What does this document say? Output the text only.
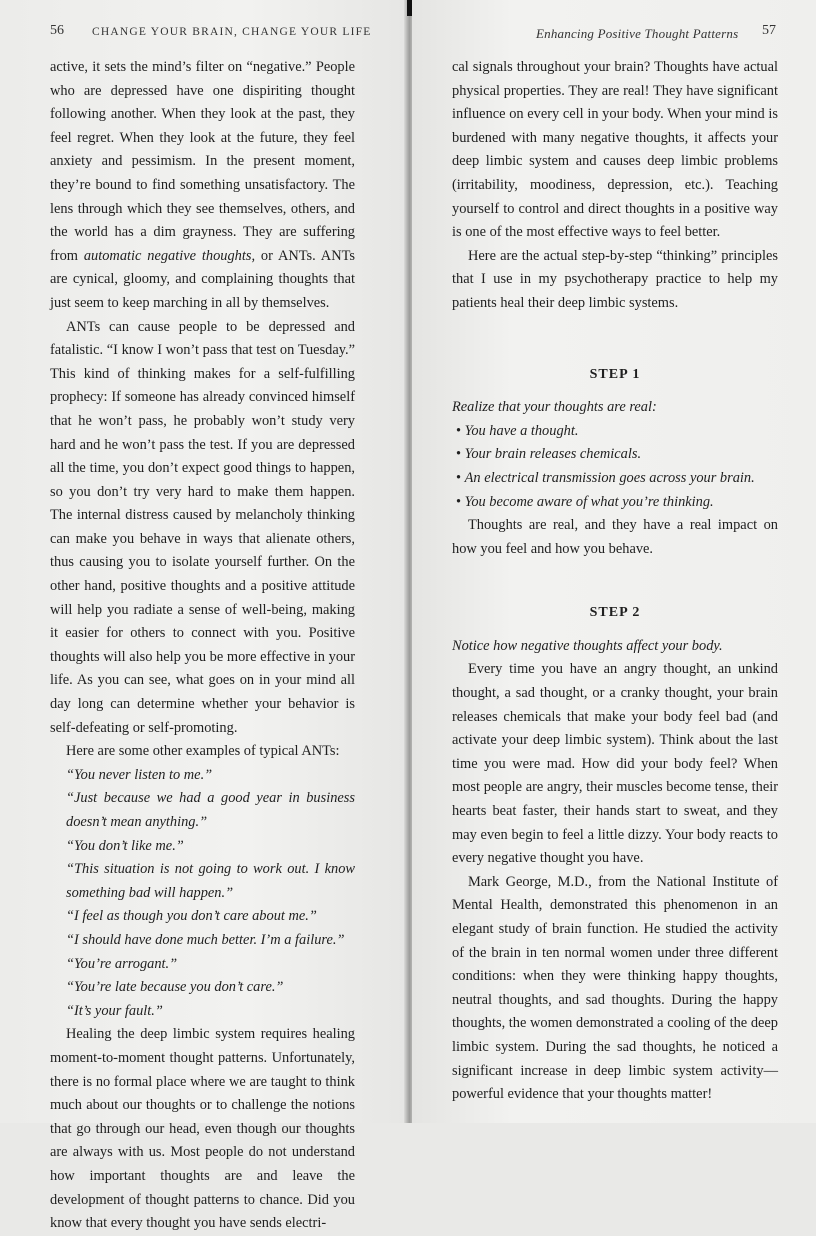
56 CHANGE YOUR BRAIN, CHANGE YOUR LIFE

active, it sets the mind’s filter on “negative.” People who are depressed have one dispiriting thought following another. When they look at the past, they feel regret. When they look at the future, they feel anxiety and pessimism. In the present moment, they’re bound to find something unsatisfactory. The lens through which they see themselves, others, and the world has a dim grayness. They are suffering from automatic negative thoughts, or ANTs. ANTs are cynical, gloomy, and complaining thoughts that just seem to keep marching in all by themselves.

ANTs can cause people to be depressed and fatalistic. “I know I won’t pass that test on Tuesday.” This kind of thinking makes for a self-fulfilling prophecy: If someone has already convinced himself that he won’t pass, he probably won’t study very hard and he won’t pass the test. If you are depressed all the time, you don’t expect good things to happen, so you don’t try very hard to make them happen. The internal distress caused by melancholy thinking can make you behave in ways that alienate others, thus causing you to isolate yourself further. On the other hand, positive thoughts and a positive attitude will help you radiate a sense of well-being, making it easier for others to connect with you. Positive thoughts will also help you be more effective in your life. As you can see, what goes on in your mind all day long can determine whether your behavior is self-defeating or self-promoting.

Here are some other examples of typical ANTs:

“You never listen to me.”

“Just because we had a good year in business doesn’t mean anything.”

“You don’t like me.”

“This situation is not going to work out. I know something bad will happen.”

“I feel as though you don’t care about me.”

“I should have done much better. I’m a failure.”

“You’re arrogant.”

“You’re late because you don’t care.”

“It’s your fault.”

Healing the deep limbic system requires healing moment-to-moment thought patterns. Unfortunately, there is no formal place where we are taught to think much about our thoughts or to challenge the notions that go through our head, even though our thoughts are always with us. Most people do not understand how important thoughts are and leave the development of thought patterns to chance. Did you know that every thought you have sends electri-

Enhancing Positive Thought Patterns 57

cal signals throughout your brain? Thoughts have actual physical properties. They are real! They have significant influence on every cell in your body. When your mind is burdened with many negative thoughts, it affects your deep limbic system and causes deep limbic problems (irritability, moodiness, depression, etc.). Teaching yourself to control and direct thoughts in a positive way is one of the most effective ways to feel better.

Here are the actual step-by-step “thinking” principles that I use in my psychotherapy practice to help my patients heal their deep limbic systems.

STEP 1

Realize that your thoughts are real:

• You have a thought.
• Your brain releases chemicals.
• An electrical transmission goes across your brain.
• You become aware of what you’re thinking.

Thoughts are real, and they have a real impact on how you feel and how you behave.

STEP 2

Notice how negative thoughts affect your body.

Every time you have an angry thought, an unkind thought, a sad thought, or a cranky thought, your brain releases chemicals that make your body feel bad (and activate your deep limbic system). Think about the last time you were mad. How did your body feel? When most people are angry, their muscles become tense, their hearts beat faster, their hands start to sweat, and they may even begin to feel a little dizzy. Your body reacts to every negative thought you have.

Mark George, M.D., from the National Institute of Mental Health, demonstrated this phenomenon in an elegant study of brain function. He studied the activity of the brain in ten normal women under three different conditions: when they were thinking happy thoughts, neutral thoughts, and sad thoughts. During the happy thoughts, the women demonstrated a cooling of the deep limbic system. During the sad thoughts, he noticed a significant increase in deep limbic system activity—powerful evidence that your thoughts matter!
